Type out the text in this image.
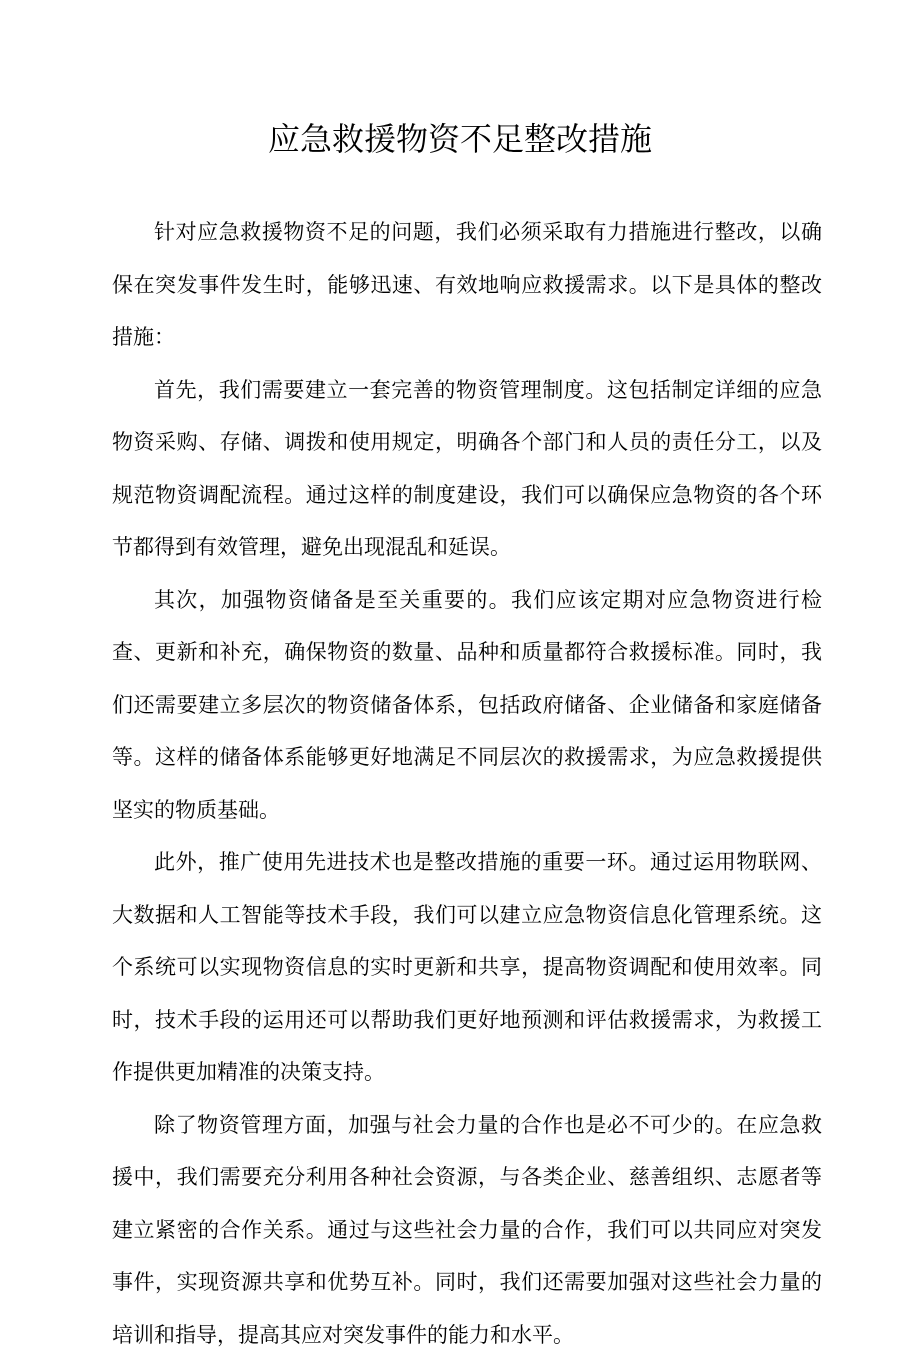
应急救援物资不足整改措施

针对应急救援物资不足的问题，我们必须采取有力措施进行整改，以确保在突发事件发生时，能够迅速、有效地响应救援需求。以下是具体的整改措施：

首先，我们需要建立一套完善的物资管理制度。这包括制定详细的应急物资采购、存储、调拨和使用规定，明确各个部门和人员的责任分工，以及规范物资调配流程。通过这样的制度建设，我们可以确保应急物资的各个环节都得到有效管理，避免出现混乱和延误。

其次，加强物资储备是至关重要的。我们应该定期对应急物资进行检查、更新和补充，确保物资的数量、品种和质量都符合救援标准。同时，我们还需要建立多层次的物资储备体系，包括政府储备、企业储备和家庭储备等。这样的储备体系能够更好地满足不同层次的救援需求，为应急救援提供坚实的物质基础。

此外，推广使用先进技术也是整改措施的重要一环。通过运用物联网、大数据和人工智能等技术手段，我们可以建立应急物资信息化管理系统。这个系统可以实现物资信息的实时更新和共享，提高物资调配和使用效率。同时，技术手段的运用还可以帮助我们更好地预测和评估救援需求，为救援工作提供更加精准的决策支持。

除了物资管理方面，加强与社会力量的合作也是必不可少的。在应急救援中，我们需要充分利用各种社会资源，与各类企业、慈善组织、志愿者等建立紧密的合作关系。通过与这些社会力量的合作，我们可以共同应对突发事件，实现资源共享和优势互补。同时，我们还需要加强对这些社会力量的培训和指导，提高其应对突发事件的能力和水平。
